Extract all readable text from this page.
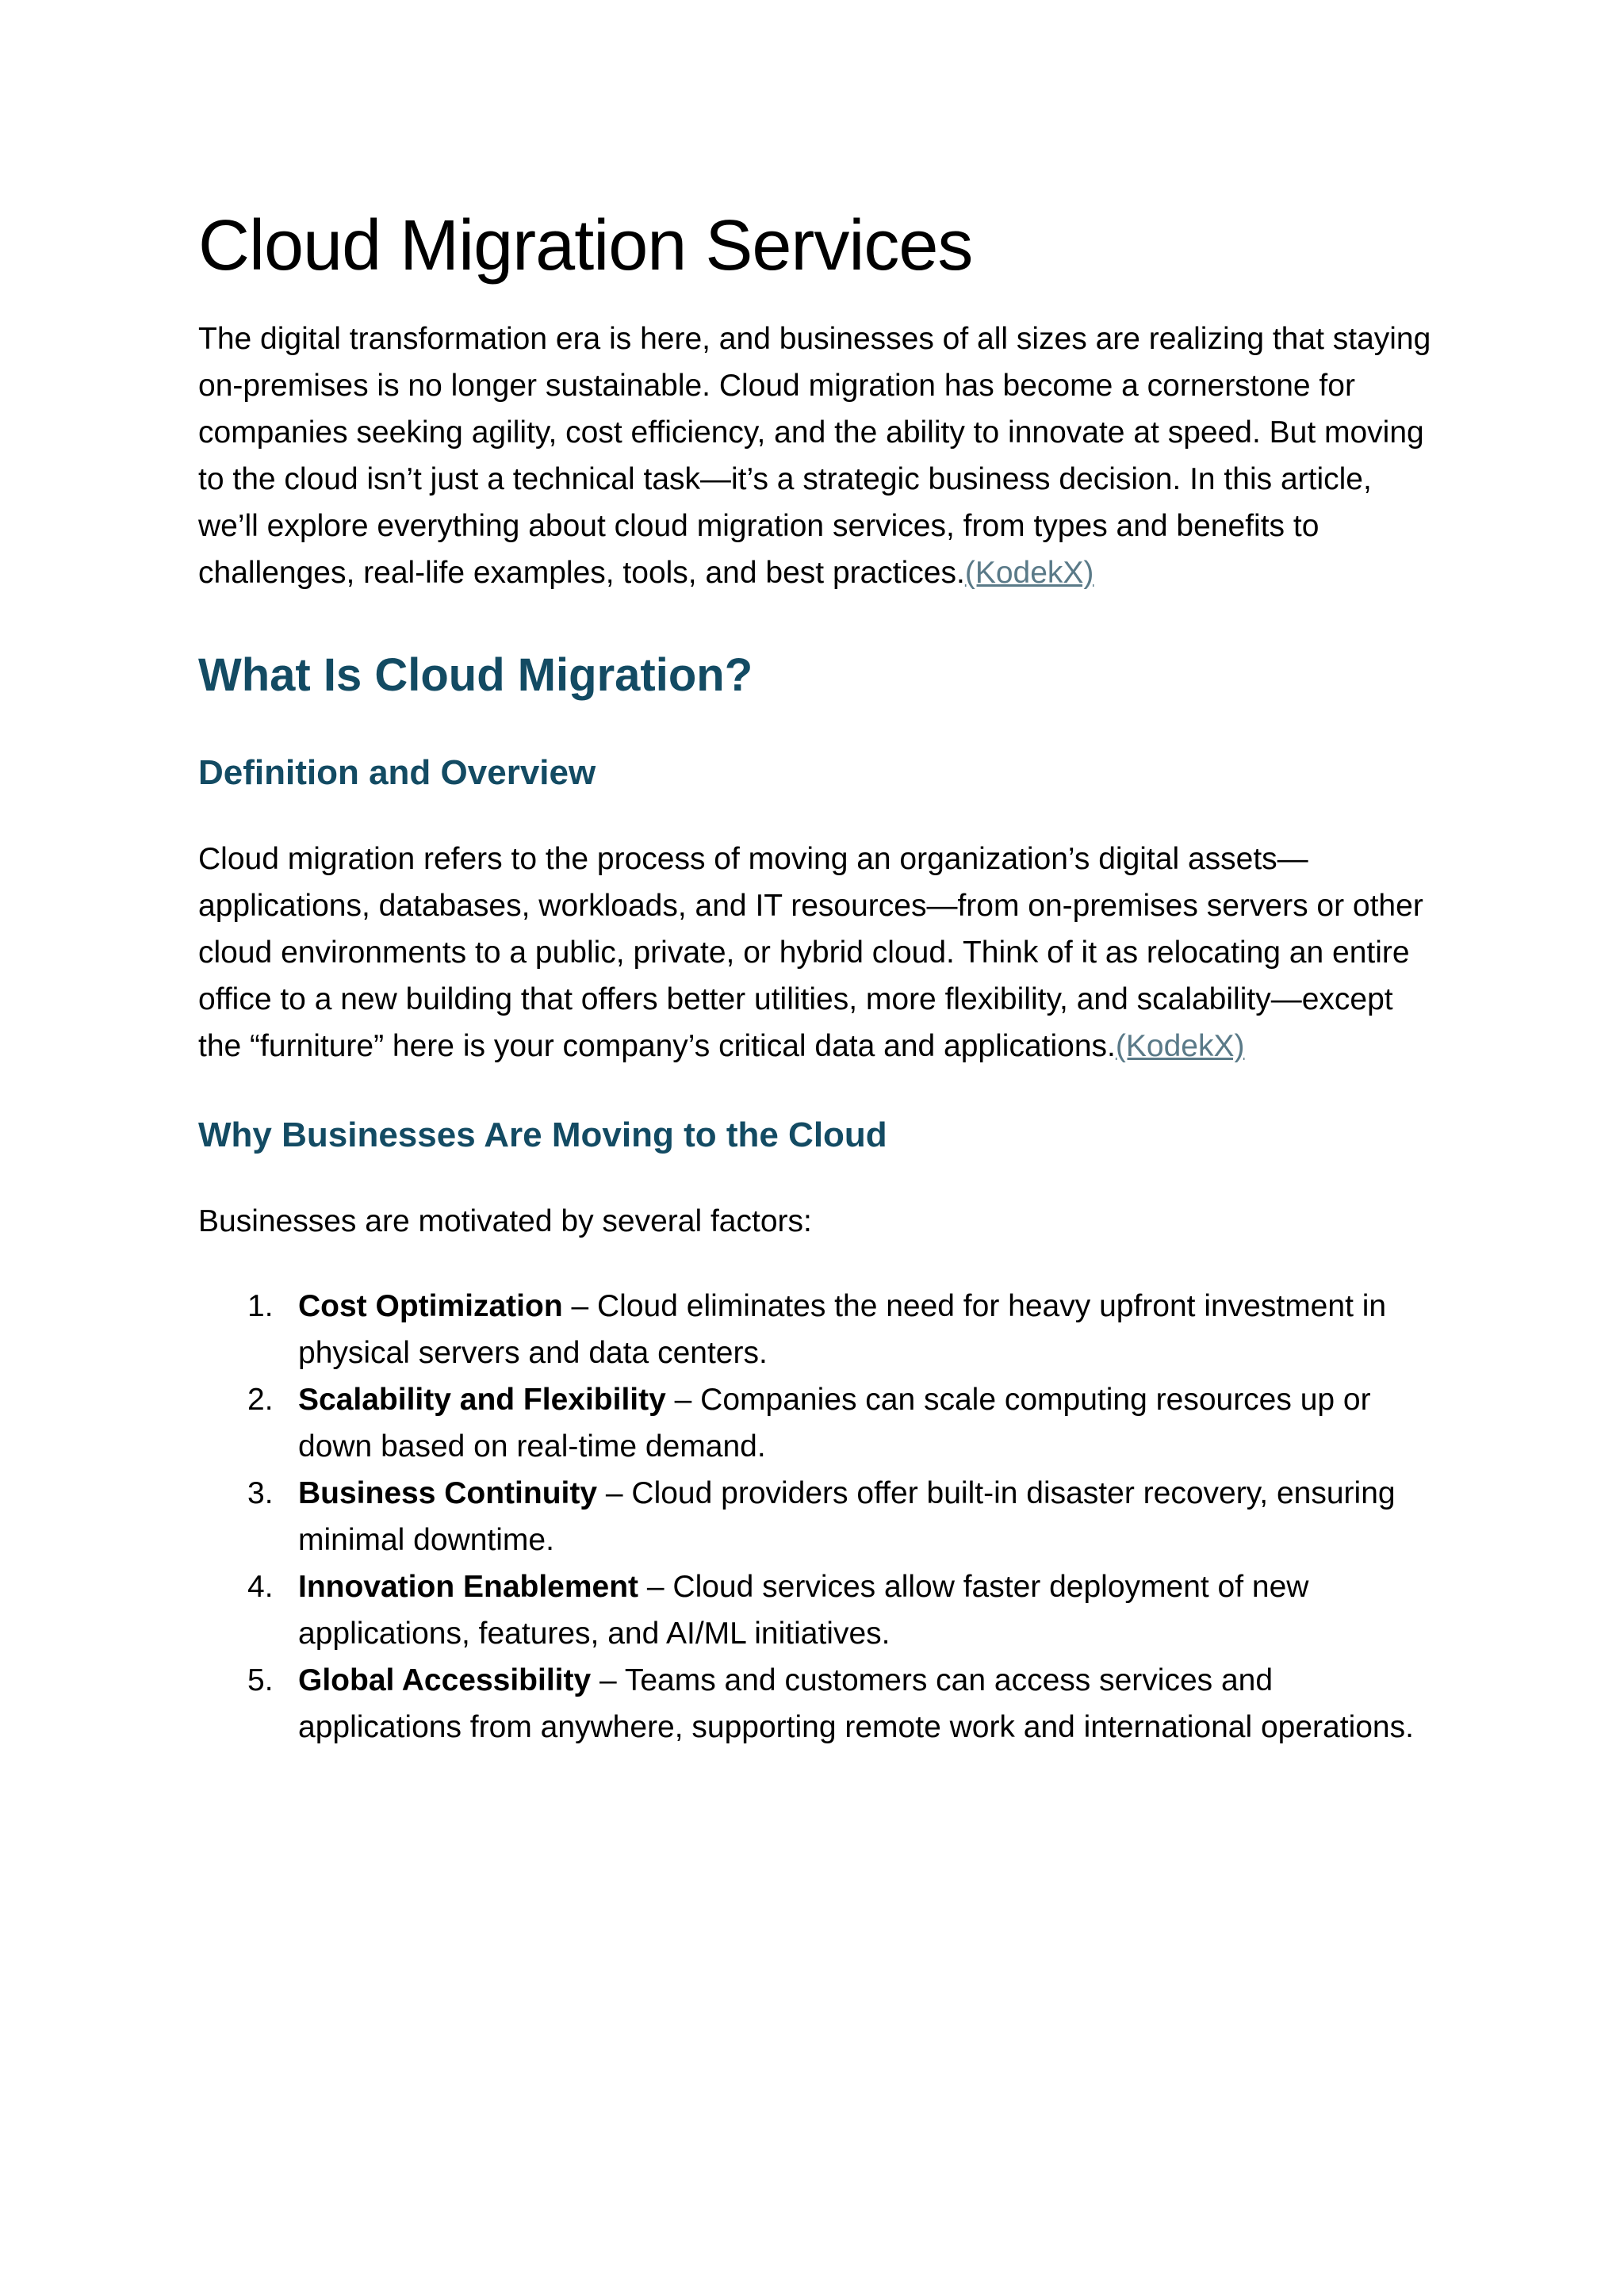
Cloud Migration Services

The digital transformation era is here, and businesses of all sizes are realizing that staying on-premises is no longer sustainable. Cloud migration has become a cornerstone for companies seeking agility, cost efficiency, and the ability to innovate at speed. But moving to the cloud isn’t just a technical task—it’s a strategic business decision. In this article, we’ll explore everything about cloud migration services, from types and benefits to challenges, real-life examples, tools, and best practices.(KodekX)

What Is Cloud Migration?
Definition and Overview

Cloud migration refers to the process of moving an organization’s digital assets—applications, databases, workloads, and IT resources—from on-premises servers or other cloud environments to a public, private, or hybrid cloud. Think of it as relocating an entire office to a new building that offers better utilities, more flexibility, and scalability—except the “furniture” here is your company’s critical data and applications.(KodekX)

Why Businesses Are Moving to the Cloud

Businesses are motivated by several factors:

1. Cost Optimization – Cloud eliminates the need for heavy upfront investment in physical servers and data centers.
2. Scalability and Flexibility – Companies can scale computing resources up or down based on real-time demand.
3. Business Continuity – Cloud providers offer built-in disaster recovery, ensuring minimal downtime.
4. Innovation Enablement – Cloud services allow faster deployment of new applications, features, and AI/ML initiatives.
5. Global Accessibility – Teams and customers can access services and applications from anywhere, supporting remote work and international operations.
